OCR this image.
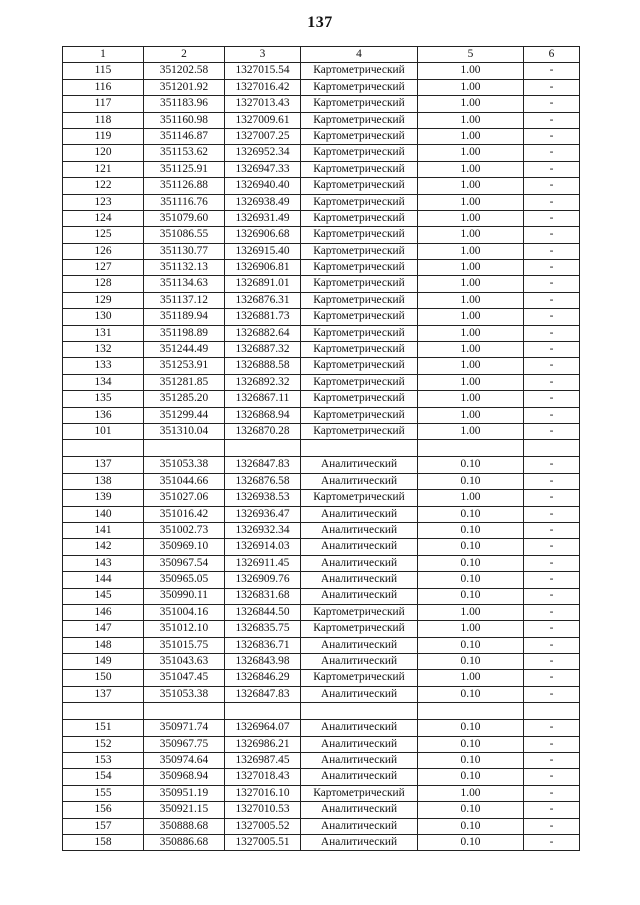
137
1	2	3	4	5	6
115	351202.58	1327015.54	Картометрический	1.00	-
116	351201.92	1327016.42	Картометрический	1.00	-
117	351183.96	1327013.43	Картометрический	1.00	-
118	351160.98	1327009.61	Картометрический	1.00	-
119	351146.87	1327007.25	Картометрический	1.00	-
120	351153.62	1326952.34	Картометрический	1.00	-
121	351125.91	1326947.33	Картометрический	1.00	-
122	351126.88	1326940.40	Картометрический	1.00	-
123	351116.76	1326938.49	Картометрический	1.00	-
124	351079.60	1326931.49	Картометрический	1.00	-
125	351086.55	1326906.68	Картометрический	1.00	-
126	351130.77	1326915.40	Картометрический	1.00	-
127	351132.13	1326906.81	Картометрический	1.00	-
128	351134.63	1326891.01	Картометрический	1.00	-
129	351137.12	1326876.31	Картометрический	1.00	-
130	351189.94	1326881.73	Картометрический	1.00	-
131	351198.89	1326882.64	Картометрический	1.00	-
132	351244.49	1326887.32	Картометрический	1.00	-
133	351253.91	1326888.58	Картометрический	1.00	-
134	351281.85	1326892.32	Картометрический	1.00	-
135	351285.20	1326867.11	Картометрический	1.00	-
136	351299.44	1326868.94	Картометрический	1.00	-
101	351310.04	1326870.28	Картометрический	1.00	-

137	351053.38	1326847.83	Аналитический	0.10	-
138	351044.66	1326876.58	Аналитический	0.10	-
139	351027.06	1326938.53	Картометрический	1.00	-
140	351016.42	1326936.47	Аналитический	0.10	-
141	351002.73	1326932.34	Аналитический	0.10	-
142	350969.10	1326914.03	Аналитический	0.10	-
143	350967.54	1326911.45	Аналитический	0.10	-
144	350965.05	1326909.76	Аналитический	0.10	-
145	350990.11	1326831.68	Аналитический	0.10	-
146	351004.16	1326844.50	Картометрический	1.00	-
147	351012.10	1326835.75	Картометрический	1.00	-
148	351015.75	1326836.71	Аналитический	0.10	-
149	351043.63	1326843.98	Аналитический	0.10	-
150	351047.45	1326846.29	Картометрический	1.00	-
137	351053.38	1326847.83	Аналитический	0.10	-

151	350971.74	1326964.07	Аналитический	0.10	-
152	350967.75	1326986.21	Аналитический	0.10	-
153	350974.64	1326987.45	Аналитический	0.10	-
154	350968.94	1327018.43	Аналитический	0.10	-
155	350951.19	1327016.10	Картометрический	1.00	-
156	350921.15	1327010.53	Аналитический	0.10	-
157	350888.68	1327005.52	Аналитический	0.10	-
158	350886.68	1327005.51	Аналитический	0.10	-
